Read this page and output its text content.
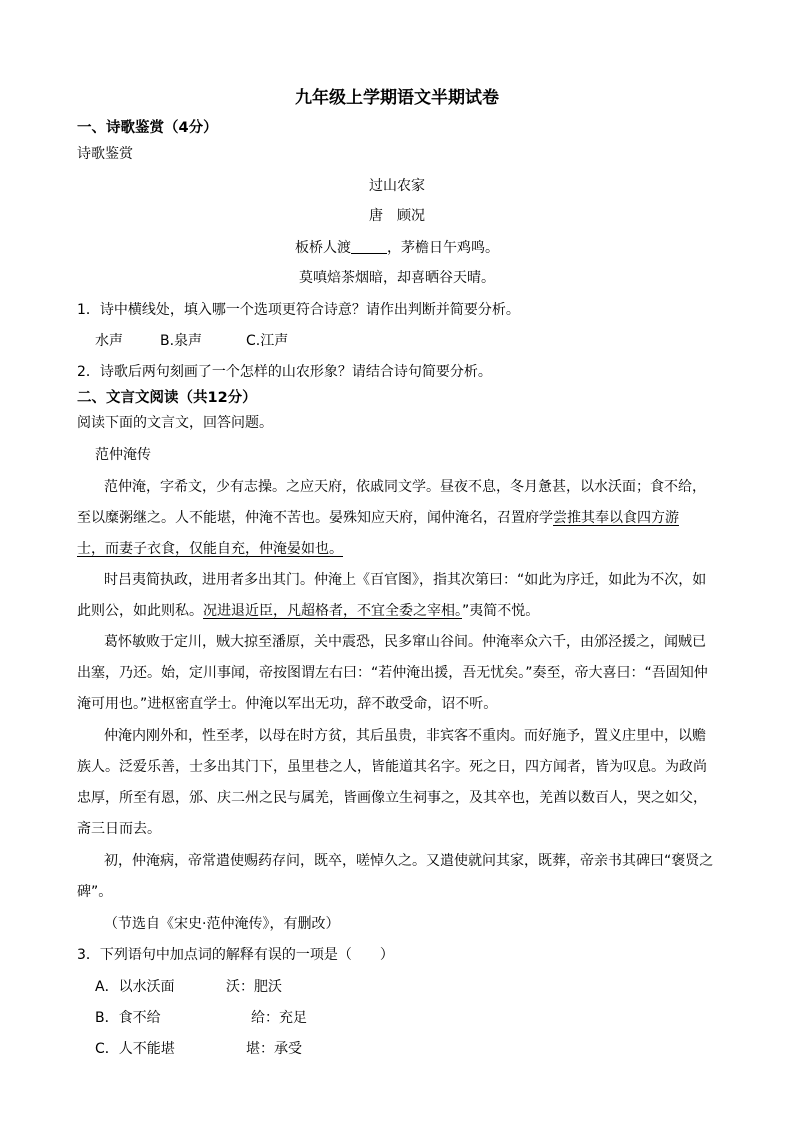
九年级上学期语文半期试卷
一、诗歌鉴赏（4分）
诗歌鉴赏
过山农家
唐　顾况
板桥人渡	，茅檐日午鸡鸣。
莫嗔焙茶烟暗，却喜晒谷天晴。
1．诗中横线处，填入哪一个选项更符合诗意？请作出判断并简要分析。
水声	B.泉声	C.江声
2．诗歌后两句刻画了一个怎样的山农形象？请结合诗句简要分析。
二、文言文阅读（共12分）
阅读下面的文言文，回答问题。
范仲淹传
范仲淹，字希文，少有志操。之应天府，依戚同文学。昼夜不息，冬月惫甚，以水沃面；食不给，
至以糜粥继之。人不能堪，仲淹不苦也。晏殊知应天府，闻仲淹名，召置府学尝推其奉以食四方游
士，而妻子衣食，仅能自充，仲淹晏如也。
时吕夷简执政，进用者多出其门。仲淹上《百官图》，指其次第曰：“如此为序迁，如此为不次，如
此则公，如此则私。况进退近臣，凡超格者，不宜全委之宰相。”夷简不悦。
葛怀敏败于定川，贼大掠至潘原，关中震恐，民多窜山谷间。仲淹率众六千，由邠泾援之，闻贼已
出塞，乃还。始，定川事闻，帝按图谓左右曰：“若仲淹出援，吾无忧矣。”奏至，帝大喜曰：“吾固知仲
淹可用也。”进枢密直学士。仲淹以军出无功，辞不敢受命，诏不听。
仲淹内刚外和，性至孝，以母在时方贫，其后虽贵，非宾客不重肉。而好施予，置义庄里中，以赡
族人。泛爱乐善，士多出其门下，虽里巷之人，皆能道其名字。死之日，四方闻者，皆为叹息。为政尚
忠厚，所至有恩，邠、庆二州之民与属羌，皆画像立生祠事之，及其卒也，羌酋以数百人，哭之如父，
斋三日而去。
初，仲淹病，帝常遣使赐药存问，既卒，嗟悼久之。又遣使就问其家，既葬，帝亲书其碑曰“褒贤之
碑”。
（节选自《宋史·范仲淹传》，有删改）
3．下列语句中加点词的解释有误的一项是（　　）
A．以水沃面	沃：肥沃
B．食不给	给：充足
C．人不能堪	堪：承受
